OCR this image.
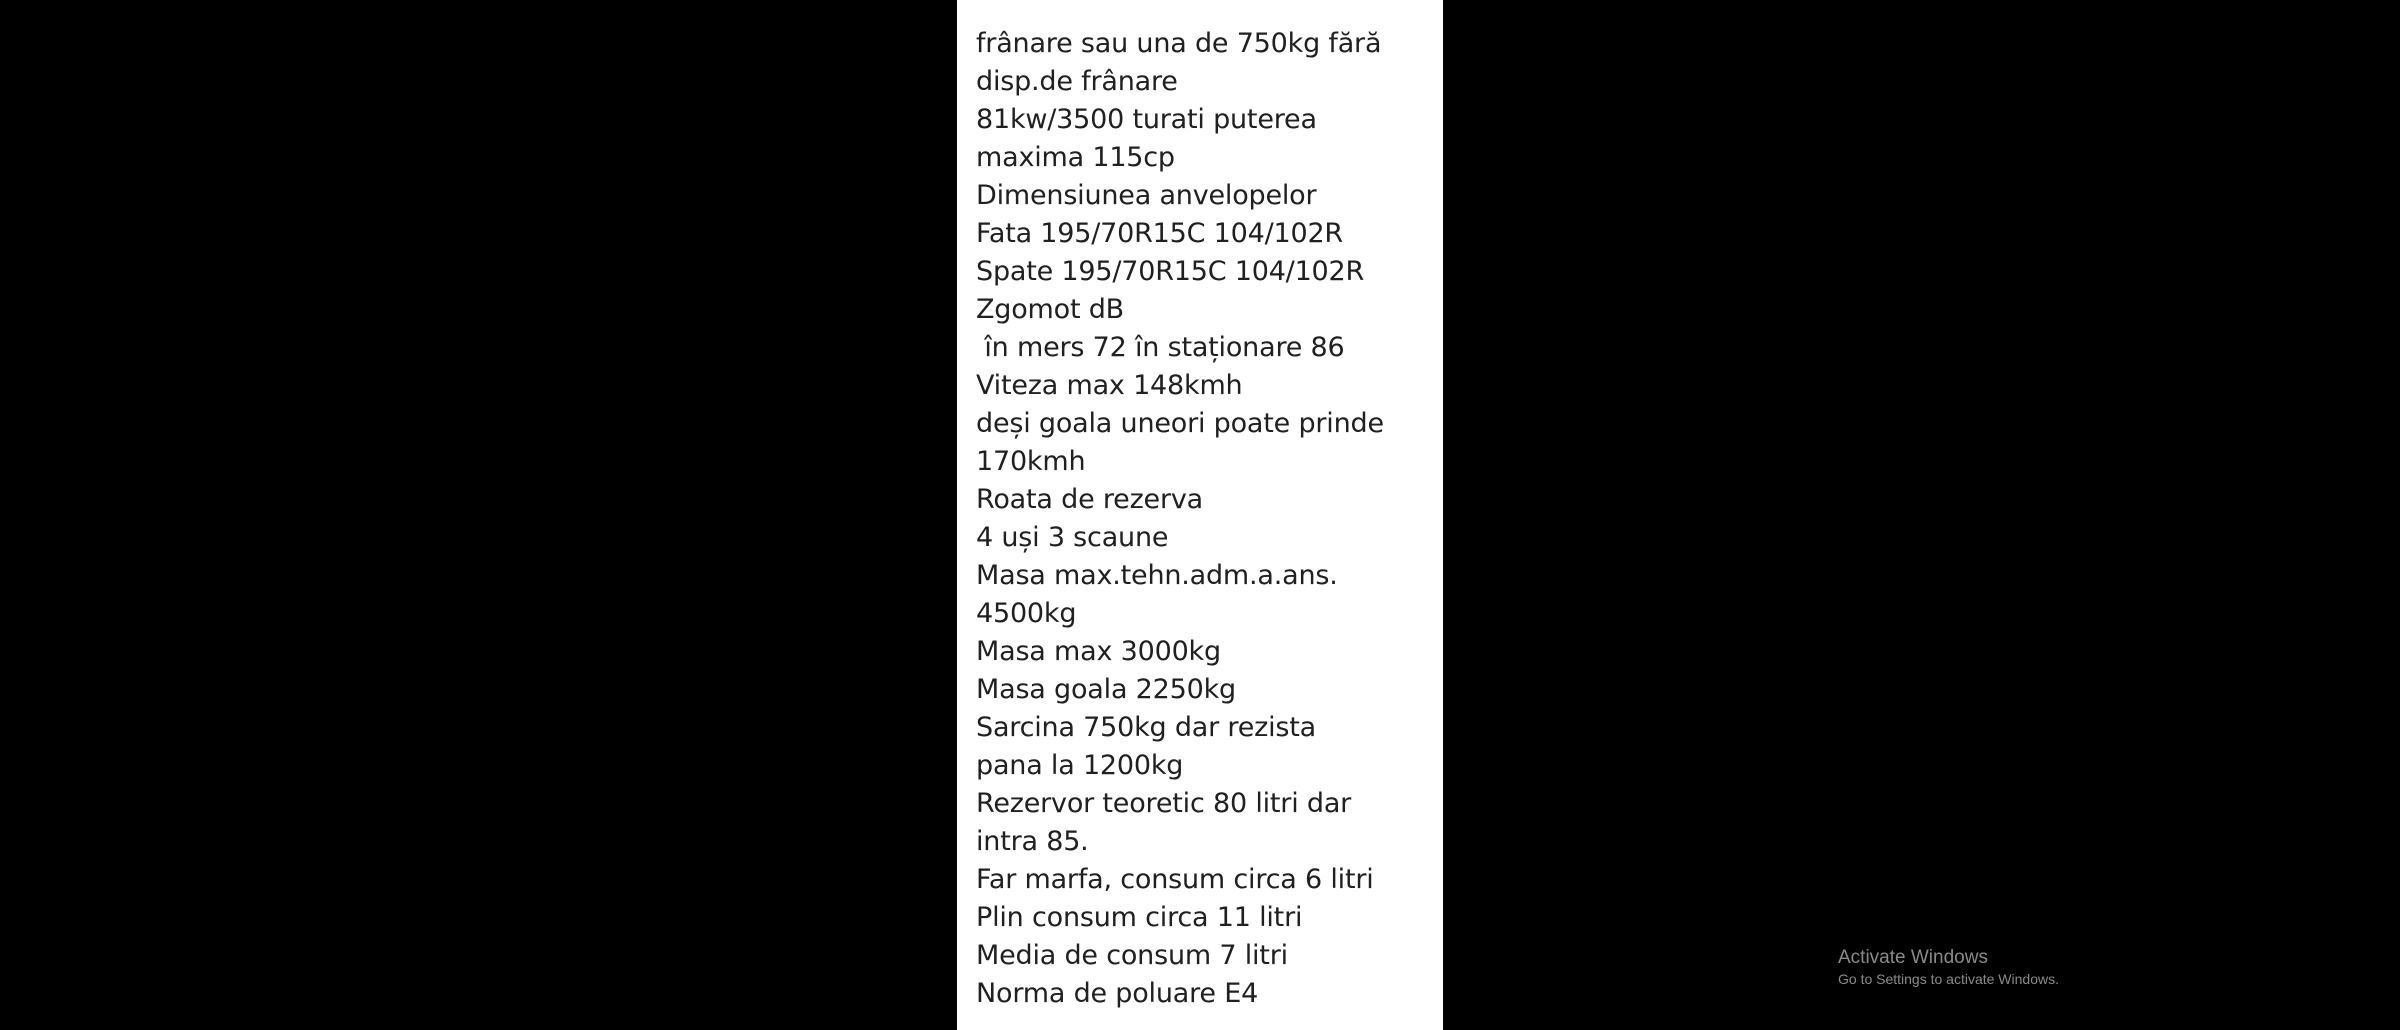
frânare sau una de 750kg fără
disp.de frânare
81kw/3500 turati puterea
maxima 115cp
Dimensiunea anvelopelor
Fata 195/70R15C 104/102R
Spate 195/70R15C 104/102R
Zgomot dB
în mers 72 în staționare 86
Viteza max 148kmh
deși goala uneori poate prinde
170kmh
Roata de rezerva
4 uși 3 scaune
Masa max.tehn.adm.a.ans.
4500kg
Masa max 3000kg
Masa goala 2250kg
Sarcina 750kg dar rezista
pana la 1200kg
Rezervor teoretic 80 litri dar
intra 85.
Far marfa, consum circa 6 litri
Plin consum circa 11 litri
Media de consum 7 litri
Norma de poluare E4
Activate Windows
Go to Settings to activate Windows.
